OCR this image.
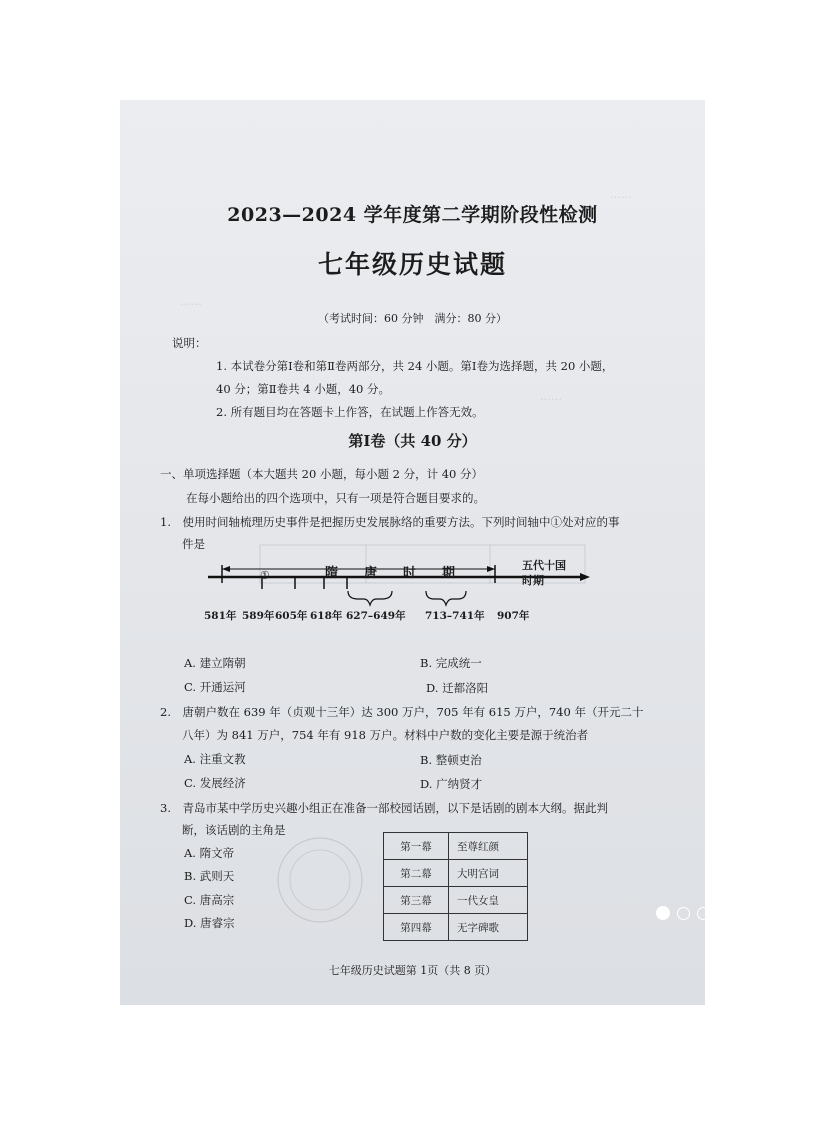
……
……
……
2023—2024 学年度第二学期阶段性检测
七年级历史试题
（考试时间：60 分钟　满分：80 分）
说明：
1. 本试卷分第Ⅰ卷和第Ⅱ卷两部分，共 24 小题。第Ⅰ卷为选择题，共 20 小题，
40 分；第Ⅱ卷共 4 小题，40 分。
2. 所有题目均在答题卡上作答，在试题上作答无效。
第Ⅰ卷（共 40 分）
一、单项选择题（本大题共 20 小题，每小题 2 分，计 40 分）
在每小题给出的四个选项中，只有一项是符合题目要求的。
1.　使用时间轴梳理历史事件是把握历史发展脉络的重要方法。下列时间轴中①处对应的事
件是
①	隋　　唐　　时　　期
五代十国
时期
581年 589年 605年 618年 627–649年 713–741年 907年
A. 建立隋朝	B. 完成统一
C. 开通运河	D. 迁都洛阳
2.　唐朝户数在 639 年（贞观十三年）达 300 万户，705 年有 615 万户，740 年（开元二十
八年）为 841 万户，754 年有 918 万户。材料中户数的变化主要是源于统治者
A. 注重文教	B. 整顿吏治
C. 发展经济	D. 广纳贤才
3.　青岛市某中学历史兴趣小组正在准备一部校园话剧，以下是话剧的剧本大纲。据此判
断，该话剧的主角是
A. 隋文帝
B. 武则天
C. 唐高宗
D. 唐睿宗
第一幕	至尊红颜
第二幕	大明宫词
第三幕	一代女皇
第四幕	无字碑歌
七年级历史试题第 1页（共 8 页）	SHOT ON REDMI 10X AI TRIPLE CAMERA
